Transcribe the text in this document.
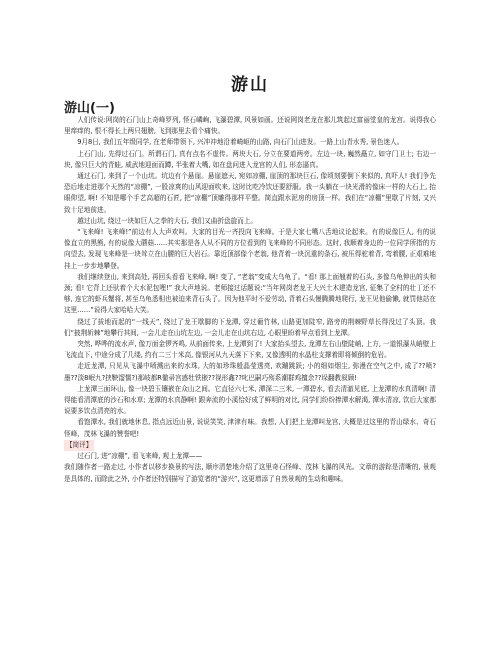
游山
游山(一)

人们传说:网岗的石门山上奇峰罗列, 怪石嶙峋, 飞瀑碧潭, 风景如画。还说网岗老龙在那儿筑起过富丽堂皇的龙宫。说得我心里痒痒的, 恨不得长上两只翅膀, 飞到那里去看个痛快。

9月8日, 我们五年级同学, 在老师带领下, 兴冲冲地沿着崎岖的山路, 向石门山进发。一路上山青水秀, 景色迷人。

上石门山, 先得过石门。所谓石门, 真有点名不虚传。两块大石, 分立在要道两旁。左边一块, 巍然矗立, 如守门卫士; 右边一块, 像只巨大的青蛙, 威武地迎面而蹲, 半张着大嘴, 如在盘问进入龙宫的人们, 形态逼真。

通过石门, 来到了一个山坑。坑边有个悬崖。悬崖遮天, 宛如凉棚, 崖顶的那块巨石, 像顷刻要倒下来似的, 真吓人! 我们争先恐后地走进那个天然的“凉棚”, 一股凉爽的山风迎面吹来, 这时比吃冷饮还要舒服。我一头躺在一块光滑的像床一样的大石上, 抬眼仰望, 啊! 不知是哪个手艺高超的石匠, 把“凉棚”顶雕得那样平整。简直跟水泥房的房顶一样。我们在“凉棚”里歇了片刻, 又兴致十足地前进。

越过山坑, 绕过一块如巨人之拳的大石, 我们又曲折盘旋而上。

“飞来峰! 飞来峰!”前边有人大声欢叫。大家的目光一齐投向飞来峰。于是大家七嘴八舌地议论起来。有的说像巨人, 有的说像直立的黑熊, 有的说像大蘑菇……其实那是各人从不同的方位看到的飞来峰的不同形态。这时, 我顺着身边的一位同学所指的方向望去, 发现飞来峰是一块耸立在山腰的巨大岩石。靠近顶部像个老翁, 他背着一块沉重的条石, 被压得驼着背, 弯着腰, 正艰难地挂上一步步地攀登。

我们继续登山, 来到高处, 再回头看看飞来峰, 啊! 变了, “老翁”变成大乌龟了。“看! 那上面翘着的石头, 多像乌龟伸出的头和颈; 看! 它背上还驮着个大水泥包哩!” 我大声地说。老师接过话题说:“当年网岗老龙王大兴土木建造龙宫, 征集了全村的壮丁还不够, 连它的虾兵蟹将, 甚至乌龟悉相也被迫来背石头了。因为他平时不爱劳动, 背着石头慢腾腾地爬行, 龙王见他偷懒, 就罚他站在这里……”说得大家哈哈大笑。

绕过了拔地而起的“一线天”, 绕过了龙王歇脚的下龙潭, 穿过葡竹林, 山路更加陡窄, 路旁的荆棘野草长得没过了头顶。我们“披荆斩棘”地攀行其间, 一会儿走在山坑左边, 一会儿走在山坑右边, 心眼里盼着早点看到上龙潭。

突然, 哗哗的流水声, 像万面金锣齐鸣, 从前面传来, 上龙潭到了! 大家抬头望去, 龙潭左右山壁陡峭, 上方, 一道银瀑从峭壁上飞流直下, 中途分成了几缕, 约有二三十米高, 像银河从九天落下下来, 又像透明的水晶柱支撑着即将倾倒的危岩。

走近龙潭, 只见从飞瀑中喷溅出来的水珠, 大的如珍珠般晶莹透亮, 欢蹦跳跃; 小的细如烟尘, 弥漫在空气之中, 成了??喷?墨??淡8岷九?挟鞅馏懦?)那岐都R徹帚宫惑牡铁嵌??视形鑫??叱巴嗣巧殇系潮群鸡擅余??垛翻教叙顾!

上龙潭三面环山, 像一块碧玉镶嵌在众山之间。它直径六七米, 潭深二三米, 一潭碧水, 看去清澈见底, 上龙潭的水真清啊! 清得能看清潭底的沙石和水草; 龙潭的水真静啊! 跟奔流的小溪恰好成了鲜明的对比, 同学们纷纷捧潭水解渴, 潭水清凉, 饮后大家都说要多饮点清亮的水。

看饱潭水, 我们就地休息, 指点远近山景, 说说笑笑, 津津有味。我想, 人们把上龙潭叫龙宫, 大概是过这里的青山绿水、奇石怪峰、茂林飞瀑的赞誉吧!

【简评】

过石门, 进“凉棚”, 看飞来峰, 观上龙潭——

我们随作者一路走过, 小作者以移步换景的写法, 顺序清楚地介绍了这里奇石怪峰、茂林飞瀑的风光。文章的游踪是清晰的, 景观是具体的, 而除此之外, 小作者还特别描写了游览者的“游兴”, 这更增添了自然景观的生动和趣味。
